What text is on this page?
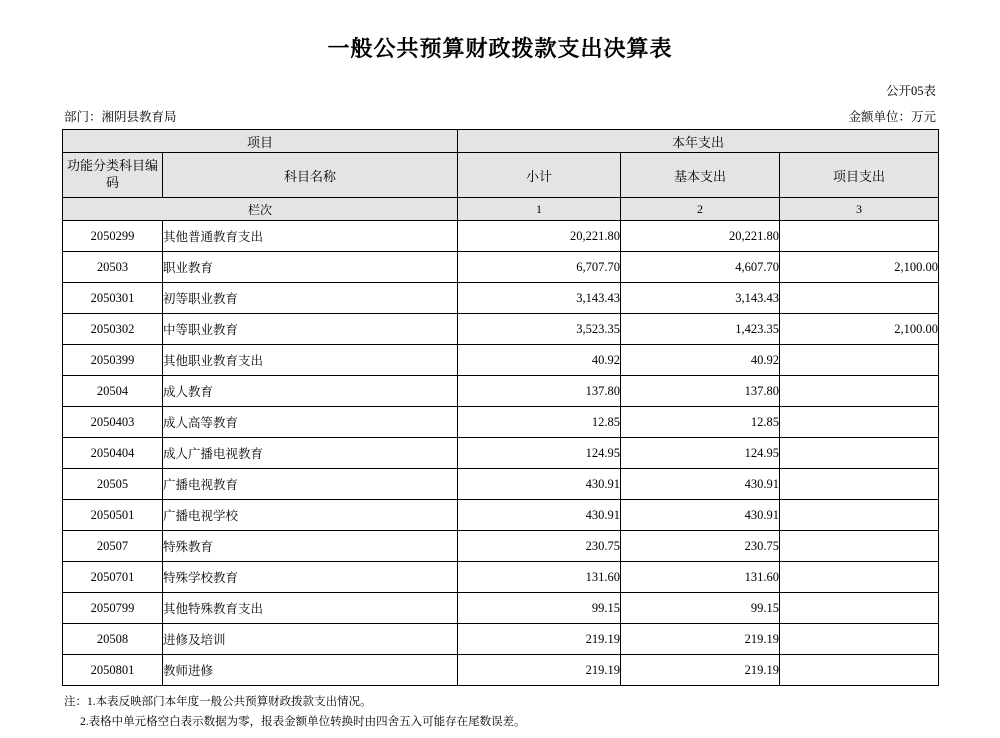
一般公共预算财政拨款支出决算表
公开05表
部门：湘阴县教育局	金额单位：万元
项目		本年支出		
功能分类科目编码	科目名称	小计	基本支出	项目支出
栏次		1	2	3
2050299	其他普通教育支出	20,221.80	20,221.80	
20503	职业教育	6,707.70	4,607.70	2,100.00
2050301	初等职业教育	3,143.43	3,143.43	
2050302	中等职业教育	3,523.35	1,423.35	2,100.00
2050399	其他职业教育支出	40.92	40.92	
20504	成人教育	137.80	137.80	
2050403	成人高等教育	12.85	12.85	
2050404	成人广播电视教育	124.95	124.95	
20505	广播电视教育	430.91	430.91	
2050501	广播电视学校	430.91	430.91	
20507	特殊教育	230.75	230.75	
2050701	特殊学校教育	131.60	131.60	
2050799	其他特殊教育支出	99.15	99.15	
20508	进修及培训	219.19	219.19	
2050801	教师进修	219.19	219.19	
注：1.本表反映部门本年度一般公共预算财政拨款支出情况。
2.表格中单元格空白表示数据为零，报表金额单位转换时由四舍五入可能存在尾数误差。
